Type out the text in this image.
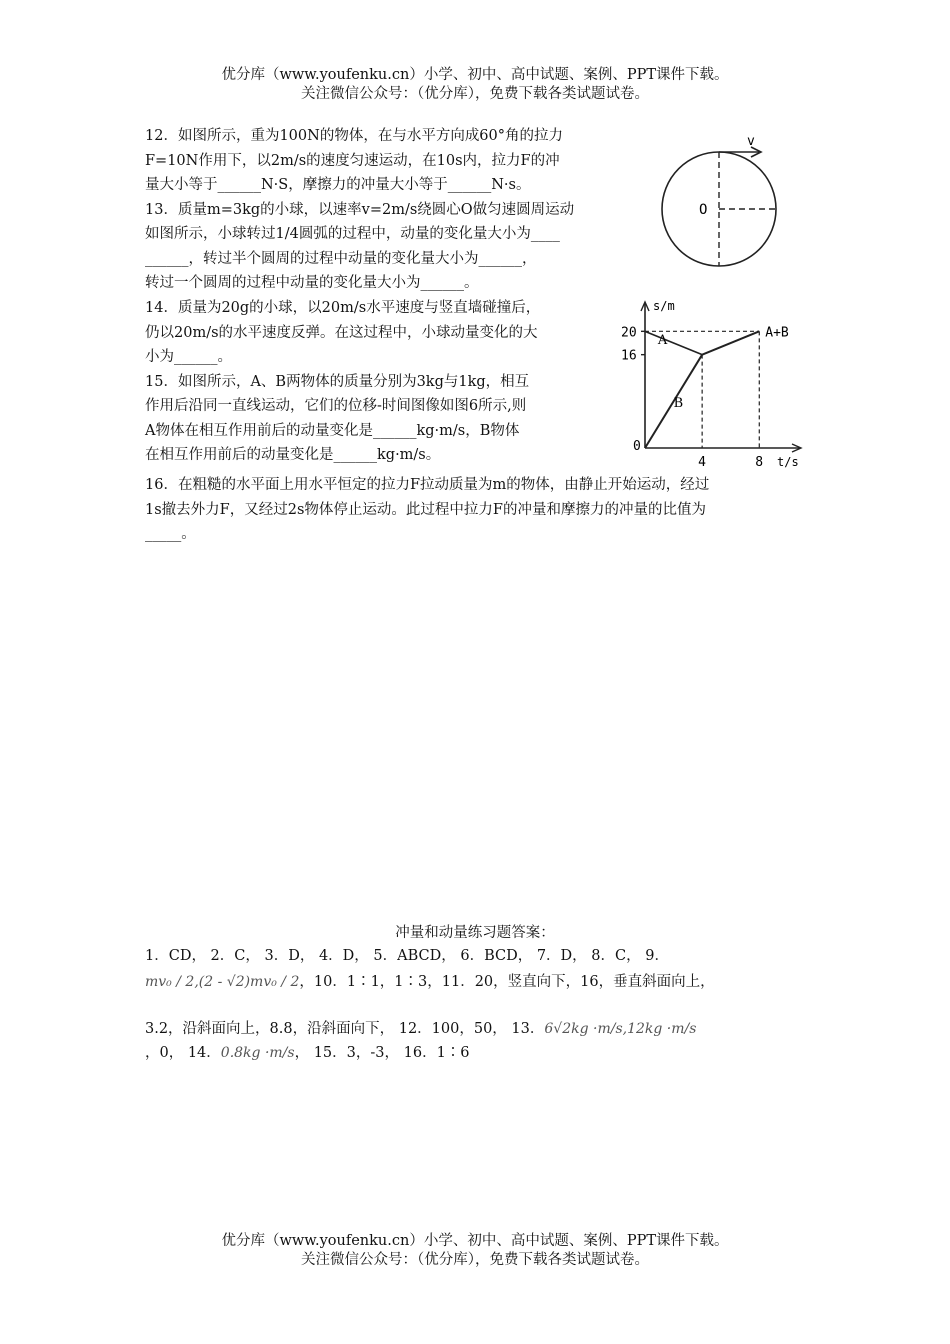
优分库（www.youfenku.cn）小学、初中、高中试题、案例、PPT课件下载。
关注微信公众号：（优分库），免费下载各类试题试卷。
12．如图所示，重为100N的物体，在与水平方向成60°角的拉力
F=10N作用下，以2m/s的速度匀速运动，在10s内，拉力F的冲
量大小等于______N·S，摩擦力的冲量大小等于______N·s。
13．质量m=3kg的小球，以速率v=2m/s绕圆心O做匀速圆周运动
如图所示，小球转过1/4圆弧的过程中，动量的变化量大小为____
______，转过半个圆周的过程中动量的变化量大小为______，
转过一个圆周的过程中动量的变化量大小为______。
v
O
14．质量为20g的小球，以20m/s水平速度与竖直墙碰撞后，
仍以20m/s的水平速度反弹。在这过程中，小球动量变化的大
小为______。
15．如图所示，A、B两物体的质量分别为3kg与1kg，相互
作用后沿同一直线运动，它们的位移-时间图像如图6所示,则
A物体在相互作用前后的动量变化是______kg·m/s，B物体
在相互作用前后的动量变化是______kg·m/s。
s/m
t/s
0
16
20
4	8
A
B
A+B
16．在粗糙的水平面上用水平恒定的拉力F拉动质量为m的物体，由静止开始运动，经过
1s撤去外力F，又经过2s物体停止运动。此过程中拉力F的冲量和摩擦力的冲量的比值为
_____。
冲量和动量练习题答案：
1．CD， 2．C， 3．D， 4．D， 5．ABCD， 6．BCD， 7．D， 8．C， 9．
mv₀ / 2,(2 - √2)mv₀ / 2，10．1∶1，1∶3，11．20，竖直向下，16，垂直斜面向上，
3.2，沿斜面向上，8.8，沿斜面向下， 12．100，50， 13．6√2kg ·m/s,12kg ·m/s
，0， 14．0.8kg ·m/s， 15．3，-3， 16．1∶6
优分库（www.youfenku.cn）小学、初中、高中试题、案例、PPT课件下载。
关注微信公众号：（优分库），免费下载各类试题试卷。
